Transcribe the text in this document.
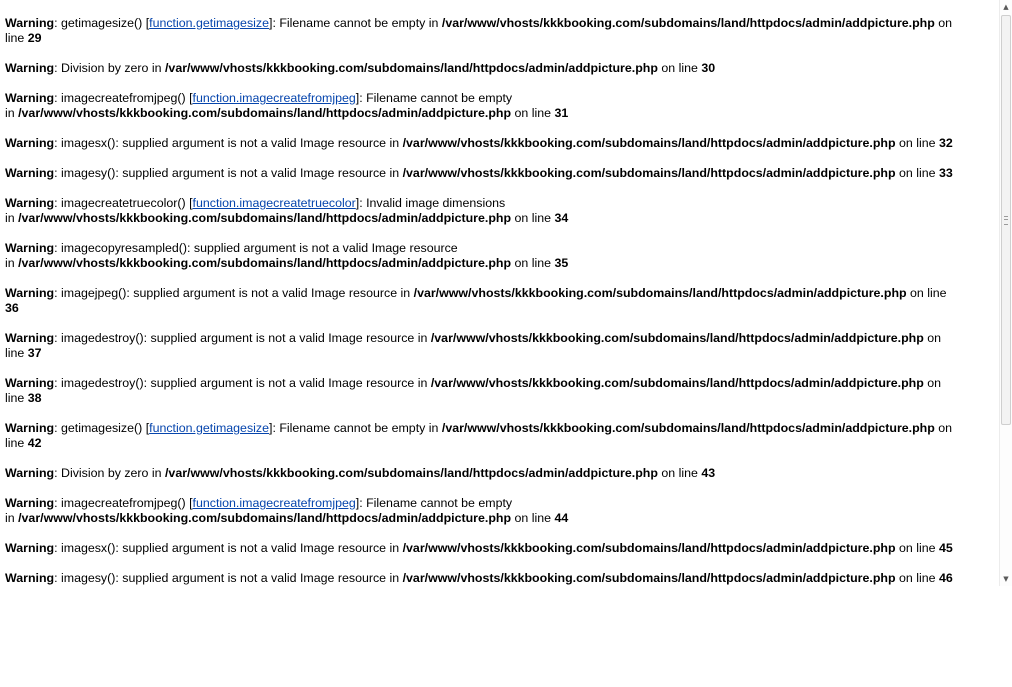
Warning: getimagesize() [function.getimagesize]: Filename cannot be empty in /var/www/vhosts/kkkbooking.com/subdomains/land/httpdocs/admin/addpicture.php on
line 29
Warning: Division by zero in /var/www/vhosts/kkkbooking.com/subdomains/land/httpdocs/admin/addpicture.php on line 30
Warning: imagecreatefromjpeg() [function.imagecreatefromjpeg]: Filename cannot be empty
in /var/www/vhosts/kkkbooking.com/subdomains/land/httpdocs/admin/addpicture.php on line 31
Warning: imagesx(): supplied argument is not a valid Image resource in /var/www/vhosts/kkkbooking.com/subdomains/land/httpdocs/admin/addpicture.php on line 32
Warning: imagesy(): supplied argument is not a valid Image resource in /var/www/vhosts/kkkbooking.com/subdomains/land/httpdocs/admin/addpicture.php on line 33
Warning: imagecreatetruecolor() [function.imagecreatetruecolor]: Invalid image dimensions
in /var/www/vhosts/kkkbooking.com/subdomains/land/httpdocs/admin/addpicture.php on line 34
Warning: imagecopyresampled(): supplied argument is not a valid Image resource
in /var/www/vhosts/kkkbooking.com/subdomains/land/httpdocs/admin/addpicture.php on line 35
Warning: imagejpeg(): supplied argument is not a valid Image resource in /var/www/vhosts/kkkbooking.com/subdomains/land/httpdocs/admin/addpicture.php on line
36
Warning: imagedestroy(): supplied argument is not a valid Image resource in /var/www/vhosts/kkkbooking.com/subdomains/land/httpdocs/admin/addpicture.php on
line 37
Warning: imagedestroy(): supplied argument is not a valid Image resource in /var/www/vhosts/kkkbooking.com/subdomains/land/httpdocs/admin/addpicture.php on
line 38
Warning: getimagesize() [function.getimagesize]: Filename cannot be empty in /var/www/vhosts/kkkbooking.com/subdomains/land/httpdocs/admin/addpicture.php on
line 42
Warning: Division by zero in /var/www/vhosts/kkkbooking.com/subdomains/land/httpdocs/admin/addpicture.php on line 43
Warning: imagecreatefromjpeg() [function.imagecreatefromjpeg]: Filename cannot be empty
in /var/www/vhosts/kkkbooking.com/subdomains/land/httpdocs/admin/addpicture.php on line 44
Warning: imagesx(): supplied argument is not a valid Image resource in /var/www/vhosts/kkkbooking.com/subdomains/land/httpdocs/admin/addpicture.php on line 45
Warning: imagesy(): supplied argument is not a valid Image resource in /var/www/vhosts/kkkbooking.com/subdomains/land/httpdocs/admin/addpicture.php on line 46
▲
▼
